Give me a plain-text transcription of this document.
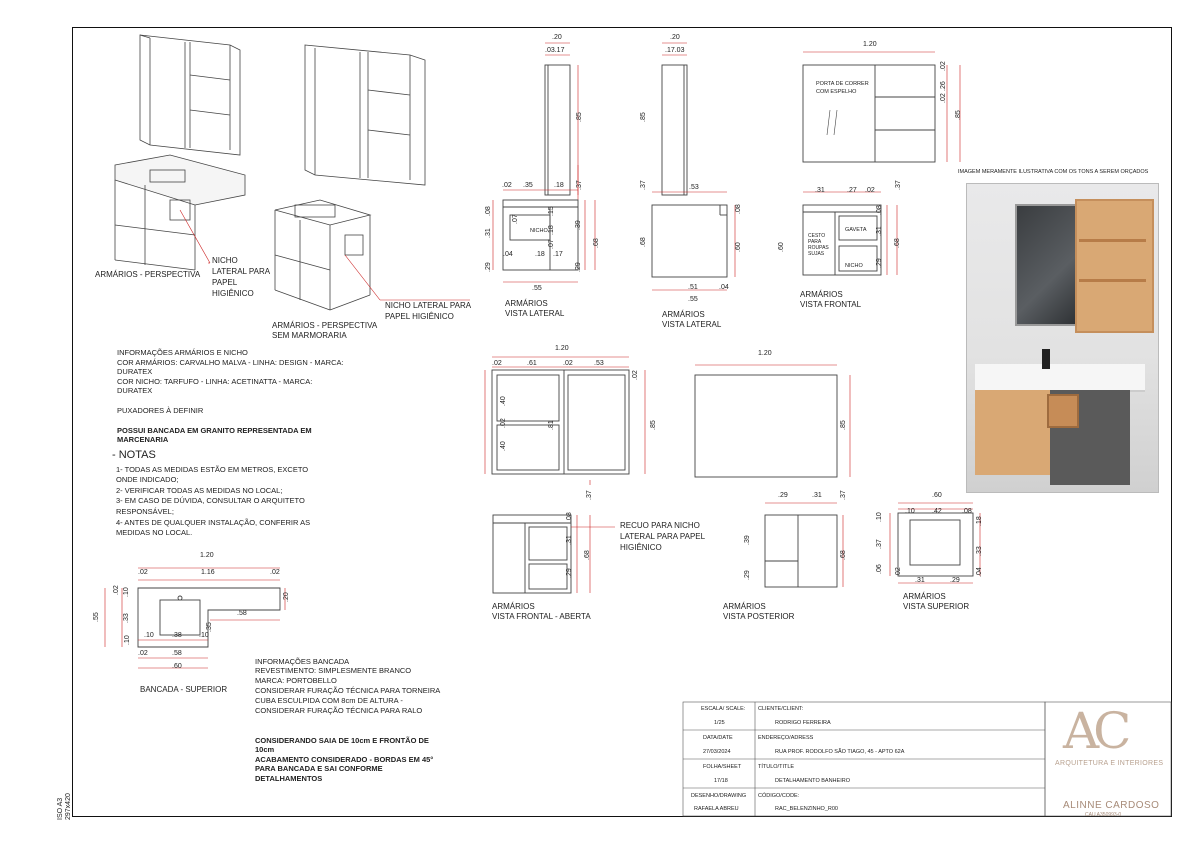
ISO A3 297x420
ARMÁRIOS - PERSPECTIVA
NICHO
LATERAL PARA
PAPEL
HIGIÊNICO
ARMÁRIOS - PERSPECTIVA
SEM MARMORARIA
NICHO LATERAL PARA
PAPEL HIGIÊNICO
INFORMAÇÕES ARMÁRIOS E NICHO
COR ARMÁRIOS: CARVALHO MALVA - LINHA: DESIGN - MARCA:
DURATEX
COR NICHO: TARFUFO - LINHA: ACETINATTA - MARCA:
DURATEX
PUXADORES À DEFINIR
POSSUI BANCADA EM GRANITO REPRESENTADA EM
MARCENARIA
- NOTAS
1- TODAS AS MEDIDAS ESTÃO EM METROS, EXCETO
ONDE INDICADO;
2- VERIFICAR TODAS AS MEDIDAS NO LOCAL;
3- EM CASO DE DÚVIDA, CONSULTAR O ARQUITETO
RESPONSÁVEL;
4- ANTES DE QUALQUER INSTALAÇÃO, CONFERIR AS
MEDIDAS NO LOCAL.
1.20
.02	1.16	.02
.55
.02
.33
.10
.58
.20
.35
.10	.38 .10
.10
.02	.58
.60
BANCADA - SUPERIOR
INFORMAÇÕES BANCADA
REVESTIMENTO: SIMPLESMENTE BRANCO
MARCA: PORTOBELLO
CONSIDERAR FURAÇÃO TÉCNICA PARA TORNEIRA
CUBA ESCULPIDA COM 8cm DE ALTURA -
CONSIDERAR FURAÇÃO TÉCNICA PARA RALO
CONSIDERANDO SAIA DE 10cm E FRONTÃO DE
10cm
ACABAMENTO CONSIDERADO - BORDAS EM 45°
PARA BANCADA E SAI CONFORME
DETALHAMENTOS
.20
.03.17
.85
.37
.20
.17.03
.85
.37
1.20
PORTA DE CORRER
COM ESPELHO
.02
.26
.02
.85
.37
.02 .35	.18
.08
.31
.29
.07
NICHO
.15
.18
.07
.39
.68
.29
.04	.18 .17
.55
ARMÁRIOS
VISTA LATERAL
.53
.68
.08
.60
.51	.04
.55
ARMÁRIOS
VISTA LATERAL
.31	.27 .02
CESTO
PARA
ROUPAS
SUJAS
GAVETA
NICHO
.08
.31
.29
.68
.60
ARMÁRIOS
VISTA FRONTAL
IMAGEM MERAMENTE ILUSTRATIVA COM OS TONS A SEREM ORÇADOS
1.20
.02	.61	.02	.53
.02
.40
.02
.40
.81	.85
.37
1.20
.85
.37
.08
.31
.29
.68
RECUO PARA NICHO
LATERAL PARA PAPEL
HIGIÊNICO
ARMÁRIOS
VISTA FRONTAL - ABERTA
.29	.31
.39
.29
.68
ARMÁRIOS
VISTA POSTERIOR
.60
.10 .42	.08
.10
.37
.06 .02
.18
.33
.04
.31	.29
ARMÁRIOS
VISTA SUPERIOR
ESCALA/ SCALE:
1/25
CLIENTE/CLIENT:
RODRIGO FERREIRA
DATA/DATE
27/03/2024
ENDEREÇO/ADRESS
RUA PROF. RODOLFO SÃO TIAGO, 45 - APTO 62A
FOLHA/SHEET
17/18
TÍTULO/TITLE
DETALHAMENTO BANHEIRO
DESENHO/DRAWING
RAFAELA ABREU
CÓDIGO/CODE:
RAC_BELENZINHO_R00
AC
ARQUITETURA E INTERIORES
ALINNE CARDOSO
CAU A350993-0
